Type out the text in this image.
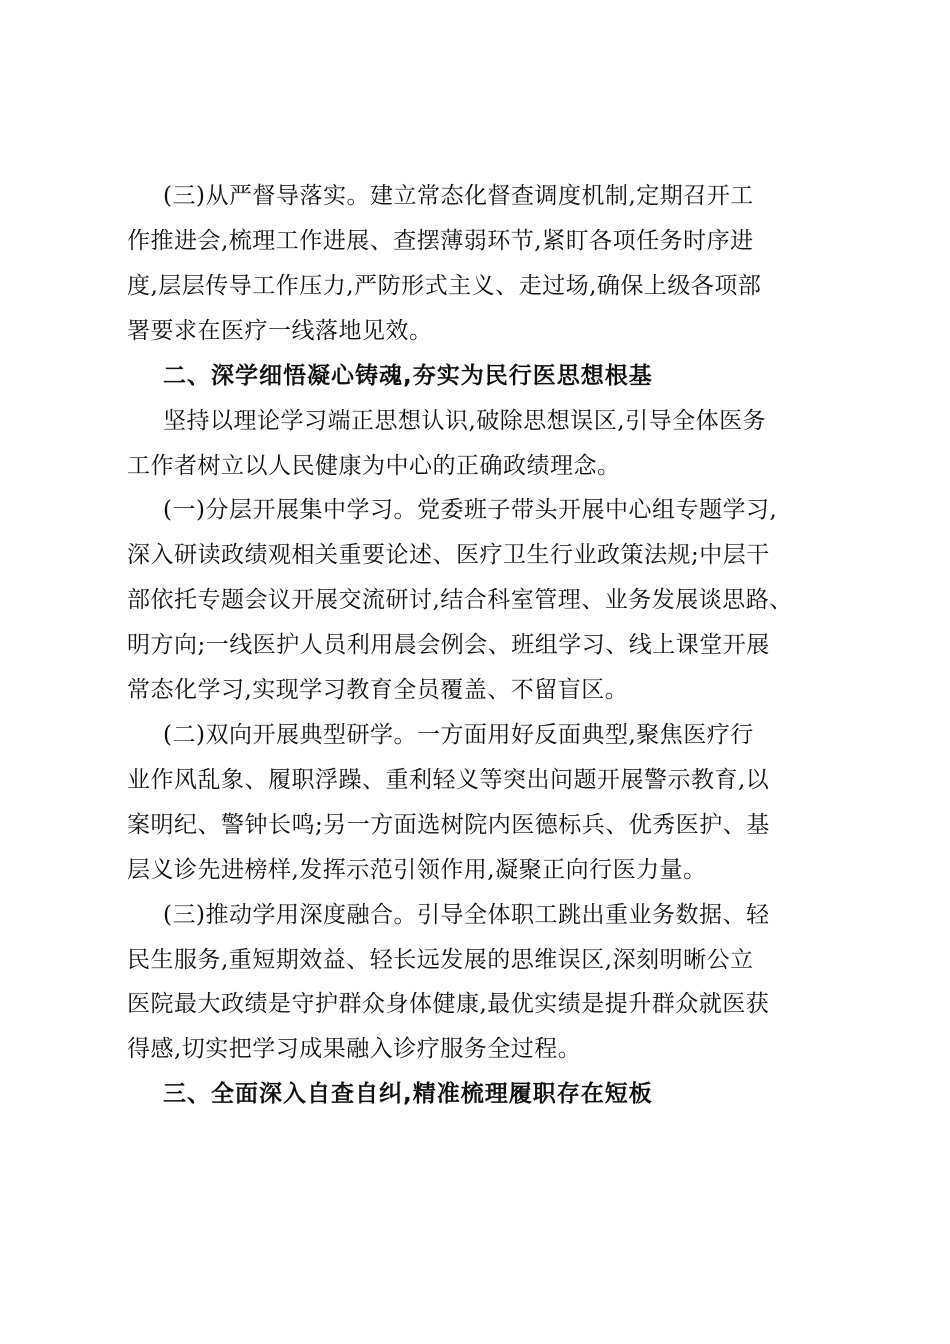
(三)从严督导落实。建立常态化督查调度机制,定期召开工
作推进会,梳理工作进展、查摆薄弱环节,紧盯各项任务时序进
度,层层传导工作压力,严防形式主义、走过场,确保上级各项部
署要求在医疗一线落地见效。
二、深学细悟凝心铸魂,夯实为民行医思想根基
坚持以理论学习端正思想认识,破除思想误区,引导全体医务
工作者树立以人民健康为中心的正确政绩理念。
(一)分层开展集中学习。党委班子带头开展中心组专题学习,
深入研读政绩观相关重要论述、医疗卫生行业政策法规;中层干
部依托专题会议开展交流研讨,结合科室管理、业务发展谈思路、
明方向;一线医护人员利用晨会例会、班组学习、线上课堂开展
常态化学习,实现学习教育全员覆盖、不留盲区。
(二)双向开展典型研学。一方面用好反面典型,聚焦医疗行
业作风乱象、履职浮躁、重利轻义等突出问题开展警示教育,以
案明纪、警钟长鸣;另一方面选树院内医德标兵、优秀医护、基
层义诊先进榜样,发挥示范引领作用,凝聚正向行医力量。
(三)推动学用深度融合。引导全体职工跳出重业务数据、轻
民生服务,重短期效益、轻长远发展的思维误区,深刻明晰公立
医院最大政绩是守护群众身体健康,最优实绩是提升群众就医获
得感,切实把学习成果融入诊疗服务全过程。
三、全面深入自查自纠,精准梳理履职存在短板
